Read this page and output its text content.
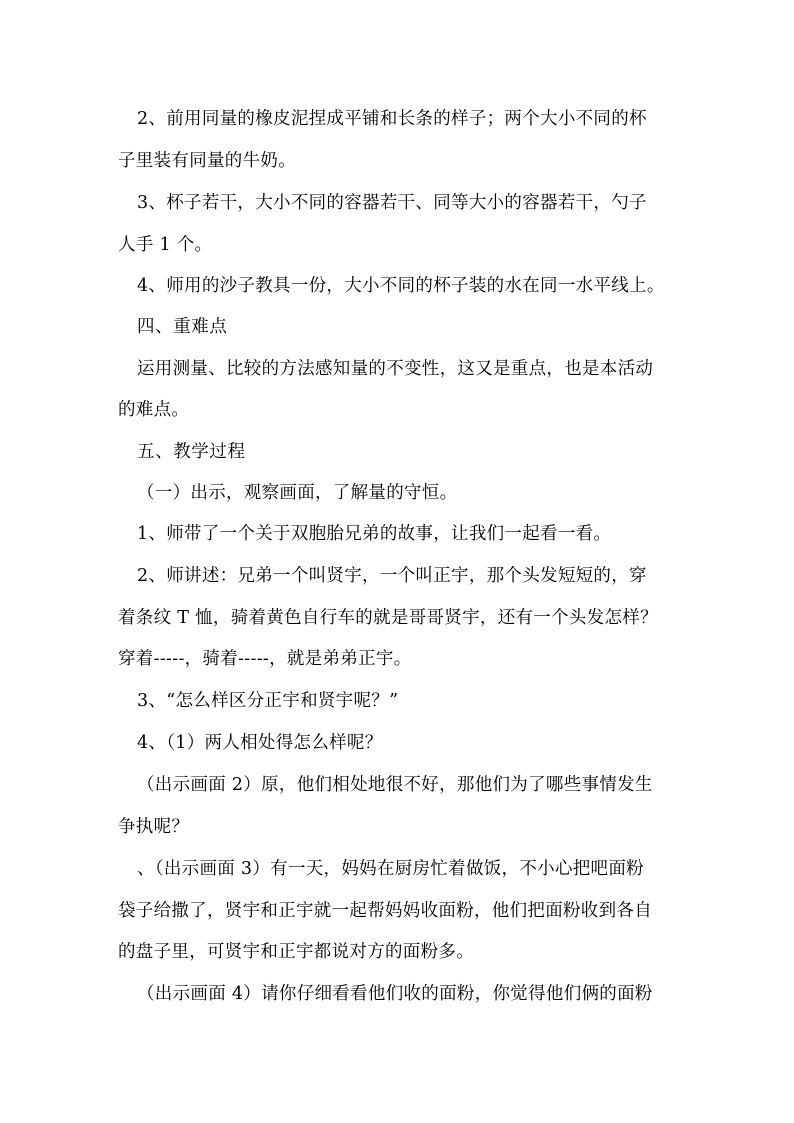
2、前用同量的橡皮泥捏成平铺和长条的样子；两个大小不同的杯
子里装有同量的牛奶。
3、杯子若干，大小不同的容器若干、同等大小的容器若干，勺子
人手 1 个。
4、师用的沙子教具一份，大小不同的杯子装的水在同一水平线上。
四、重难点
运用测量、比较的方法感知量的不变性，这又是重点，也是本活动
的难点。
五、教学过程
（一）出示，观察画面，了解量的守恒。
1、师带了一个关于双胞胎兄弟的故事，让我们一起看一看。
2、师讲述：兄弟一个叫贤宇，一个叫正宇，那个头发短短的，穿
着条纹 T 恤，骑着黄色自行车的就是哥哥贤宇，还有一个头发怎样？
穿着-----，骑着-----，就是弟弟正宇。
3、“怎么样区分正宇和贤宇呢？”
4、（1）两人相处得怎么样呢？
（出示画面 2）原，他们相处地很不好，那他们为了哪些事情发生
争执呢？
、（出示画面 3）有一天，妈妈在厨房忙着做饭，不小心把吧面粉
袋子给撒了，贤宇和正宇就一起帮妈妈收面粉，他们把面粉收到各自
的盘子里，可贤宇和正宇都说对方的面粉多。
（出示画面 4）请你仔细看看他们收的面粉，你觉得他们俩的面粉
